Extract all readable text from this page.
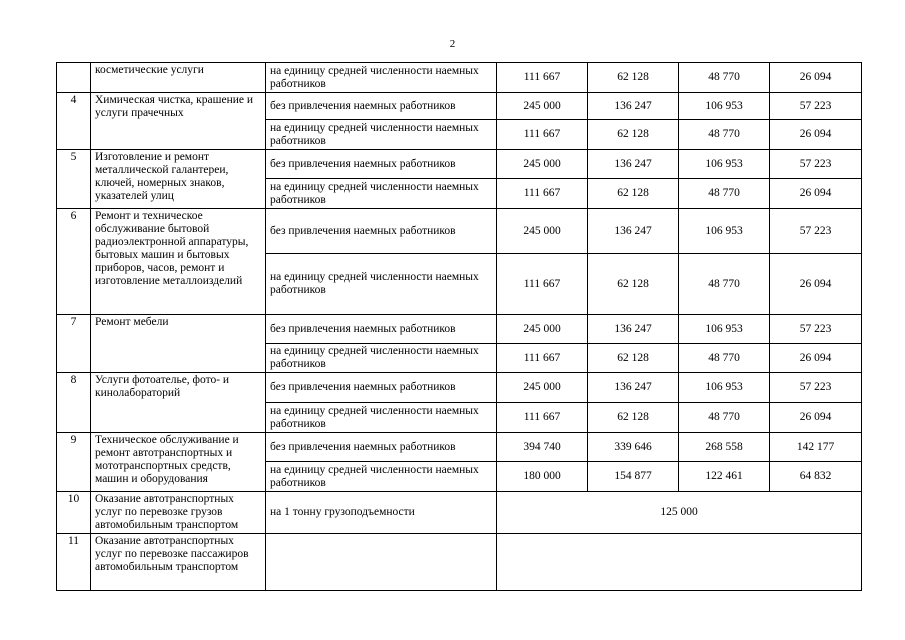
2
	косметические услуги	на единицу средней численности наемных работников	111 667	62 128	48 770	26 094
4	Химическая чистка, крашение и услуги прачечных	без привлечения наемных работников	245 000	136 247	106 953	57 223
		на единицу средней численности наемных работников	111 667	62 128	48 770	26 094
5	Изготовление и ремонт металлической галантереи, ключей, номерных знаков, указателей улиц	без привлечения наемных работников	245 000	136 247	106 953	57 223
		на единицу средней численности наемных работников	111 667	62 128	48 770	26 094
6	Ремонт и техническое обслуживание бытовой радиоэлектронной аппаратуры, бытовых машин и бытовых приборов, часов, ремонт и изготовление металлоизделий	без привлечения наемных работников	245 000	136 247	106 953	57 223
		на единицу средней численности наемных работников	111 667	62 128	48 770	26 094
7	Ремонт мебели	без привлечения наемных работников	245 000	136 247	106 953	57 223
		на единицу средней численности наемных работников	111 667	62 128	48 770	26 094
8	Услуги фотоателье, фото- и кинолабораторий	без привлечения наемных работников	245 000	136 247	106 953	57 223
		на единицу средней численности наемных работников	111 667	62 128	48 770	26 094
9	Техническое обслуживание и ремонт автотранспортных и мототранспортных средств, машин и оборудования	без привлечения наемных работников	394 740	339 646	268 558	142 177
		на единицу средней численности наемных работников	180 000	154 877	122 461	64 832
10	Оказание автотранспортных услуг по перевозке грузов автомобильным транспортом	на 1 тонну грузоподъемности	125 000			
11	Оказание автотранспортных услуг по перевозке пассажиров автомобильным транспортом					
